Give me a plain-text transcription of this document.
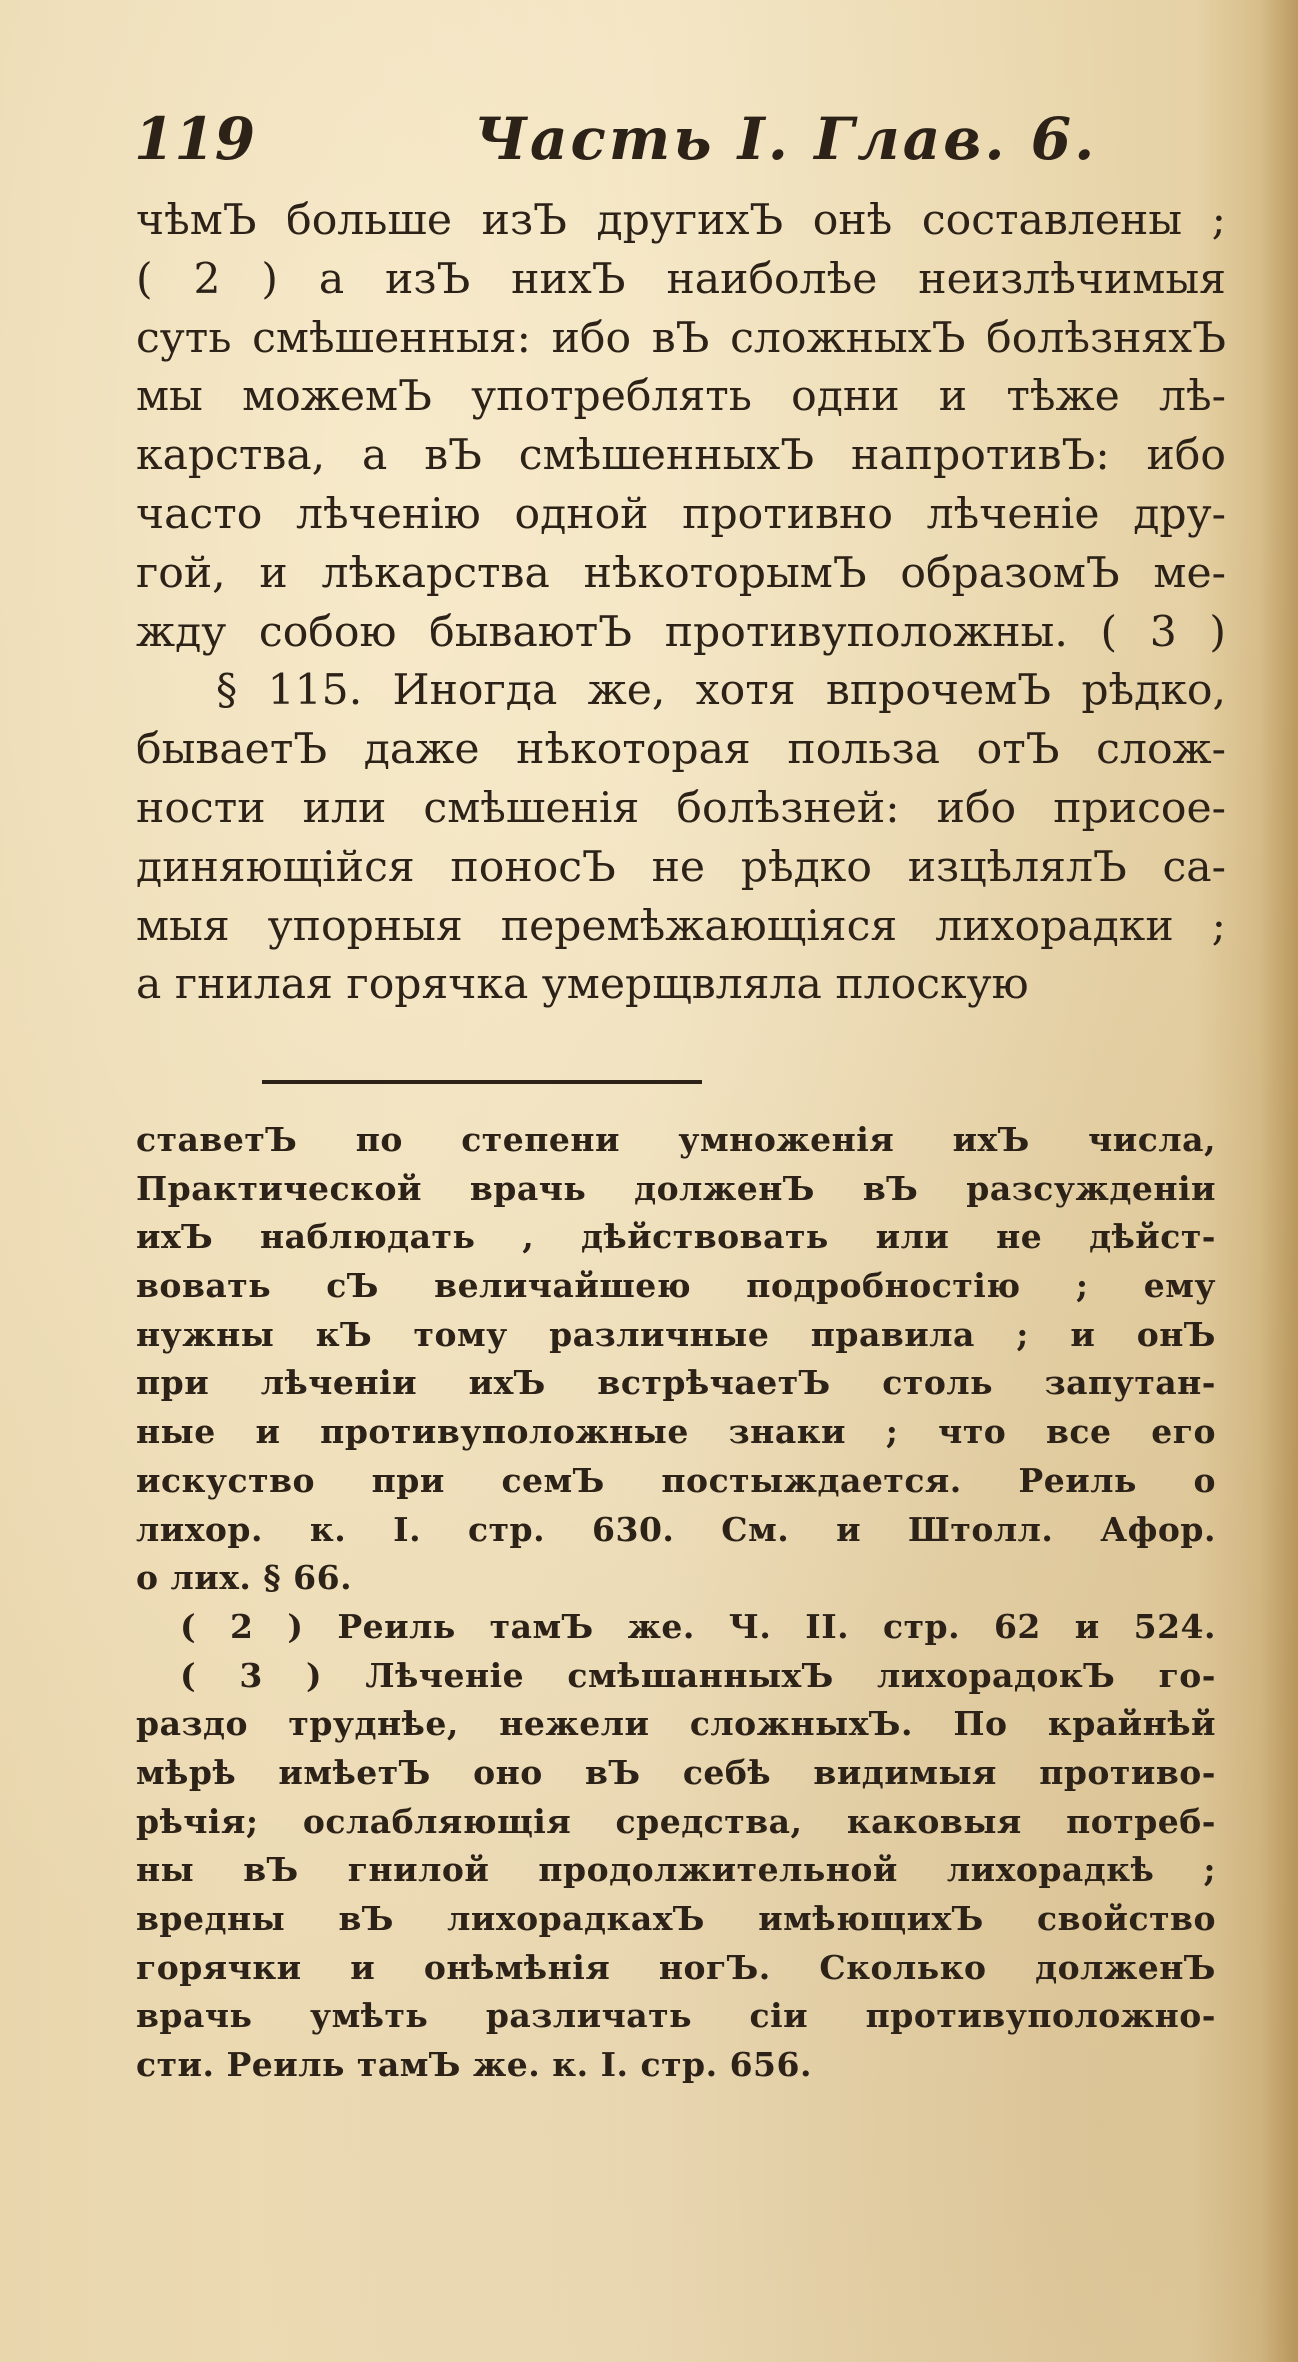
119	Часть I. Глав. 6.
чѣмЪ больше изЪ другихЪ онѣ составлены ;
( 2 ) а изЪ нихЪ наиболѣе неизлѣчимыя
суть смѣшенныя: ибо вЪ сложныхЪ болѣзняхЪ
мы можемЪ употреблять одни и тѣже лѣ-
карства, а вЪ смѣшенныхЪ напротивЪ: ибо
часто лѣченію одной противно лѣченіе дру-
гой, и лѣкарства нѣкоторымЪ образомЪ ме-
жду собою бываютЪ противуположны. ( 3 )
§ 115. Иногда же, хотя впрочемЪ рѣдко,
бываетЪ даже нѣкоторая польза отЪ слож-
ности или смѣшенія болѣзней: ибо присое-
диняющійся поносЪ не рѣдко изцѣлялЪ са-
мыя упорныя перемѣжающіяся лихорадки ;
а гнилая горячка умерщвляла плоскую
ставетЪ по степени умноженія ихЪ числа,
Практической врачь долженЪ вЪ разсужденіи
ихЪ наблюдать , дѣйствовать или не дѣйст-
вовать сЪ величайшею подробностію ; ему
нужны кЪ тому различные правила ; и онЪ
при лѣченіи ихЪ встрѣчаетЪ столь запутан-
ные и противуположные знаки ; что все его
искуство при семЪ постыждается. Реиль о
лихор. к. I. стр. 630. См. и Штолл. Афор.
о лих. § 66.
( 2 ) Реиль тамЪ же. Ч. II. стр. 62 и 524.
( 3 ) Лѣченіе смѣшанныхЪ лихорадокЪ го-
раздо труднѣе, нежели сложныхЪ. По крайнѣй
мѣрѣ имѣетЪ оно вЪ себѣ видимыя противо-
рѣчія; ослабляющія средства, каковыя потреб-
ны вЪ гнилой продолжительной лихорадкѣ ;
вредны вЪ лихорадкахЪ имѣющихЪ свойство
горячки и онѣмѣнія ногЪ. Сколько долженЪ
врачь умѣть различать сіи противуположно-
сти. Реиль тамЪ же. к. I. стр. 656.
